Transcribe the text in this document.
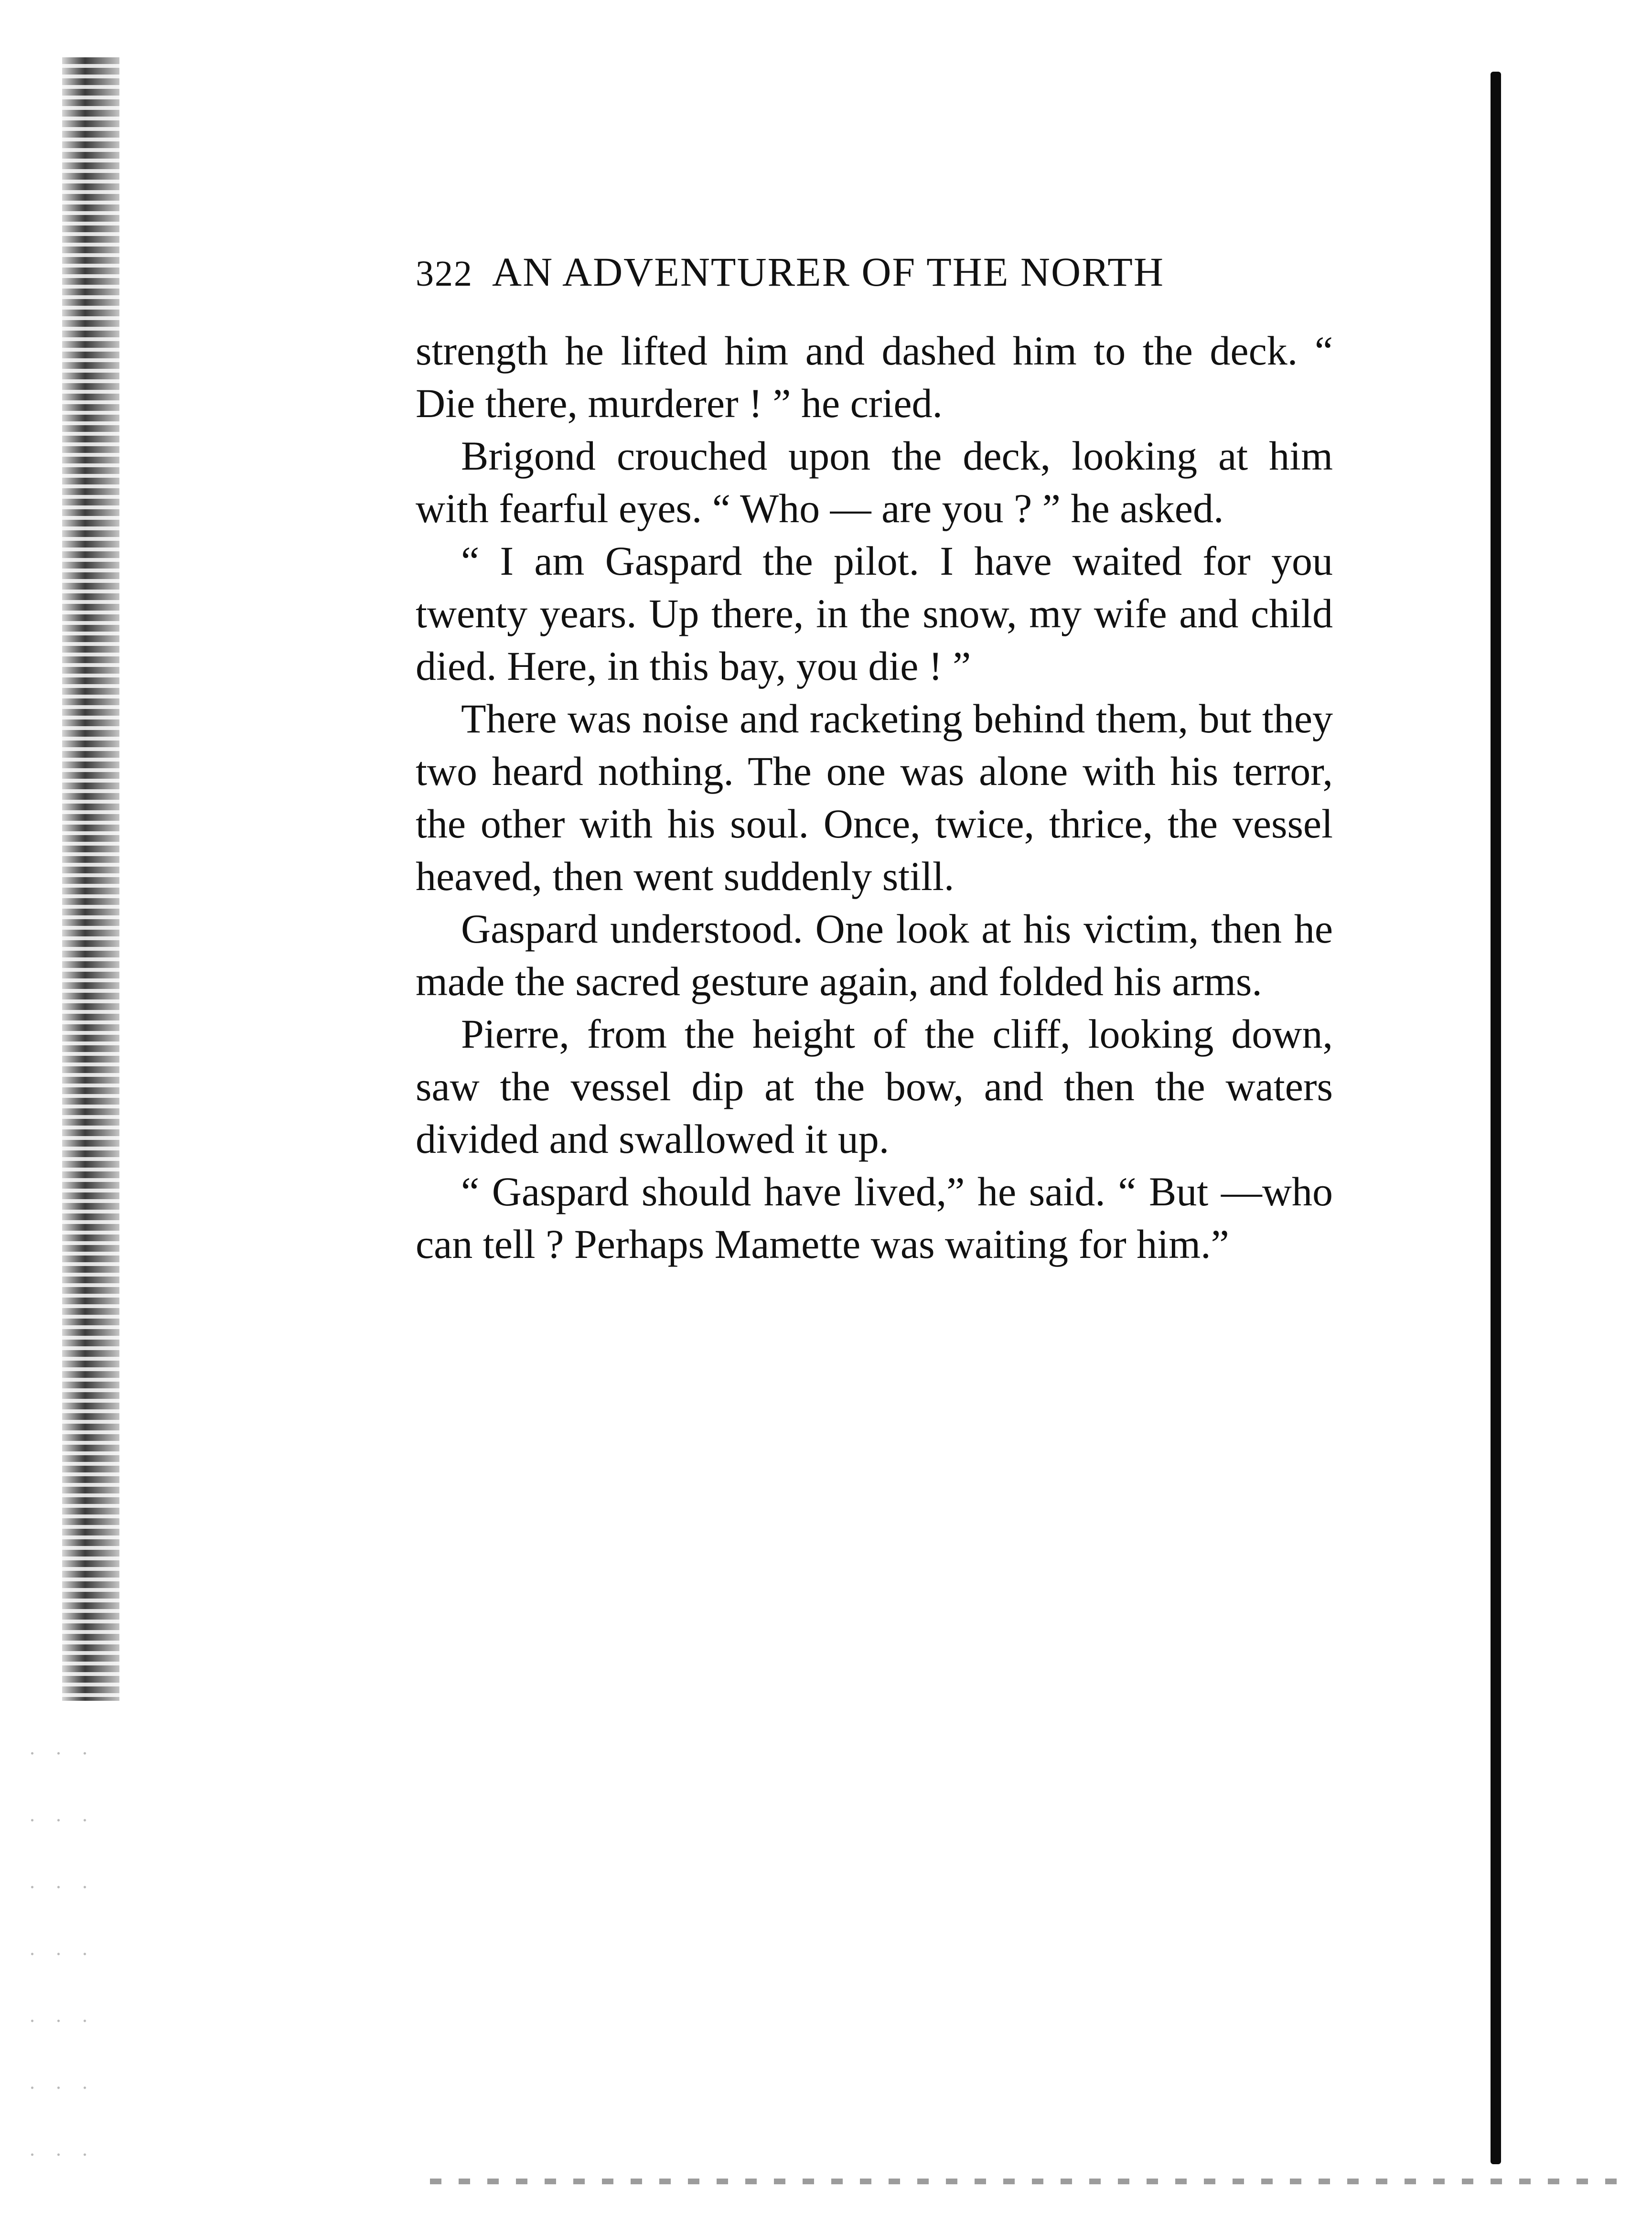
322 AN ADVENTURER OF THE NORTH

strength he lifted him and dashed him to the deck. “ Die there, murderer ! ” he cried.

Brigond crouched upon the deck, looking at him with fearful eyes. “ Who — are you ? ” he asked.

“ I am Gaspard the pilot. I have waited for you twenty years. Up there, in the snow, my wife and child died. Here, in this bay, you die ! ”

There was noise and racketing behind them, but they two heard nothing. The one was alone with his terror, the other with his soul. Once, twice, thrice, the vessel heaved, then went suddenly still.

Gaspard understood. One look at his victim, then he made the sacred gesture again, and folded his arms.

Pierre, from the height of the cliff, looking down, saw the vessel dip at the bow, and then the waters divided and swallowed it up.

“ Gaspard should have lived,” he said. “ But —who can tell ? Perhaps Mamette was waiting for him.”
